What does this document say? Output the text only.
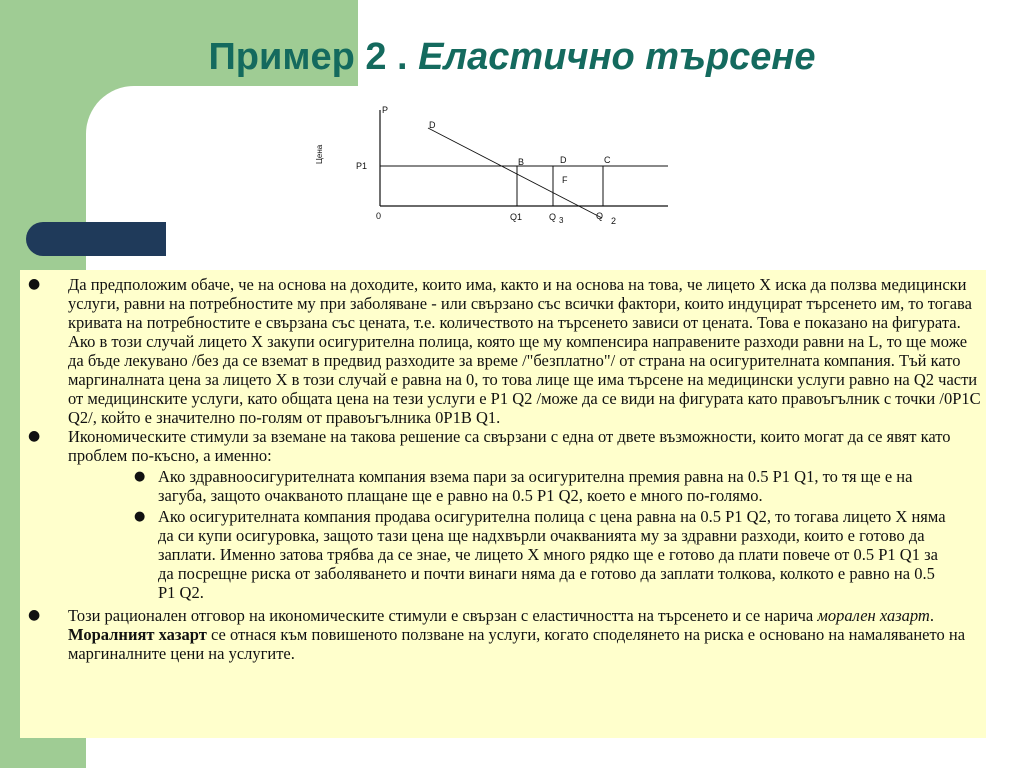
Пример 2 . Еластично търсене
P
Цена
P1
0
D
B	D	C
F
Q1	Q 3	Q 2
● Да предположим обаче, че на основа на доходите, които има, както и на основа на това, че лицето Х иска да ползва медицински услуги, равни на потребностите му при заболяване - или свързано със всички фактори, които индуцират търсенето им, то тогава кривата на потребностите е свързана със цената, т.е. количеството на търсенето зависи от цената. Това е показано на фигурата. Ако в този случай лицето Х закупи осигурителна полица, която ще му компенсира направените разходи равни на L, то ще може да бъде лекувано /без да се вземат в предвид разходите за време /"безплатно"/ от страна на осигурителната компания. Тъй като маргиналната цена за лицето Х в този случай е равна на 0, то това лице ще има търсене на медицински услуги равно на Q2 части от медицинските услуги, като общата цена на тези услуги е P1 Q2 /може да се види на фигурата като правоъгълник с точки /0P1C Q2/, който е значително по-голям от правоъгълника 0P1B Q1.
● Икономическите стимули за вземане на такова решение са свързани с една от двете възможности, които могат да се явят като проблем по-късно, а именно:
● Ако здравноосигурителната компания взема пари за осигурителна премия равна на 0.5 P1 Q1, то тя ще е на загуба, защото очакваното плащане ще е равно на 0.5 P1 Q2, което е много по-голямо.
● Ако осигурителната компания продава осигурителна полица с цена равна на 0.5 P1 Q2, то тогава лицето Х няма да си купи осигуровка, защото тази цена ще надхвърли очакванията му за здравни разходи, които е готово да заплати. Именно затова трябва да се знае, че лицето Х много рядко ще е готово да плати повече от 0.5 P1 Q1 за да посрещне риска от заболяването и почти винаги няма да е готово да заплати толкова, колкото е равно на 0.5 P1 Q2.
● Този рационален отговор на икономическите стимули е свързан с еластичността на търсенето и се нарича морален хазарт. Моралният хазарт се отнася към повишеното ползване на услуги, когато споделянето на риска е основано на намаляването на маргиналните цени на услугите.
